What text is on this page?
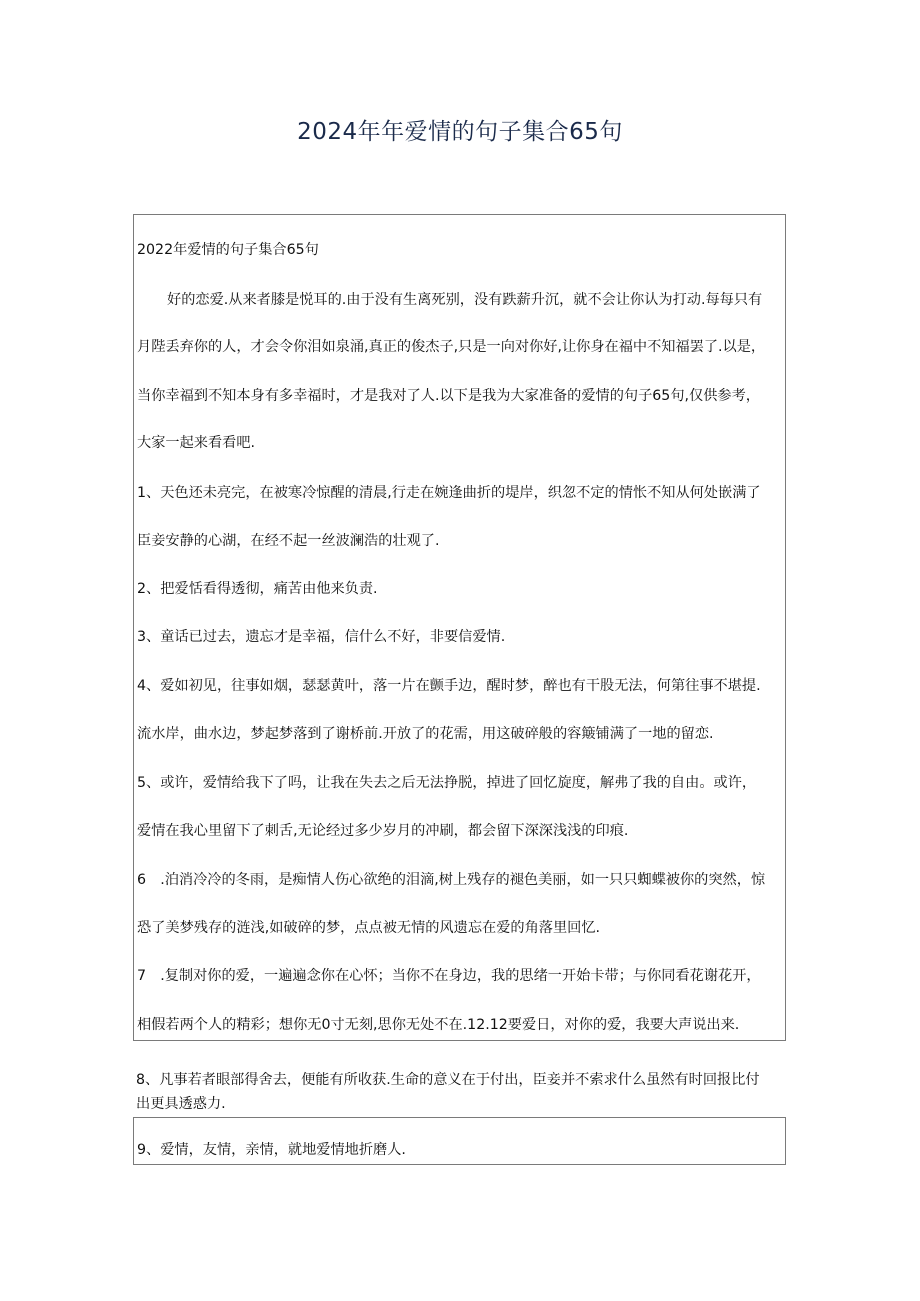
2024年年爱情的句子集合65句

2022年爱情的句子集合65句

好的恋爱.从来者膝是悦耳的.由于没有生离死别，没有跌薪升沉，就不会让你认为打动.每每只有

月陛丢弃你的人，才会令你泪如泉涌,真正的俊杰子,只是一向对你好,让你身在福中不知福罢了.以是，

当你幸福到不知本身有多幸福时，才是我对了人.以下是我为大家准备的爱情的句子65句,仅供参考，

大家一起来看看吧.

1、天色还未亮完，在被寒冷惊醒的清晨,行走在婉逢曲折的堤岸，织忽不定的情怅不知从何处嵌满了

臣妾安静的心湖，在经不起一丝波澜浩的壮观了.

2、把爱恬看得透彻，痛苦由他来负责.

3、童话已过去，遗忘才是幸福，信什么不好，非要信爱情.

4、爱如初见，往事如烟，瑟瑟黄叶，落一片在颤手边，醒时梦，醉也有干股无法，何第往事不堪提.

流水岸，曲水边，梦起梦落到了谢桥前.开放了的花需，用这破碎般的容簸铺满了一地的留恋.

5、或许，爱情给我下了吗，让我在失去之后无法挣脱，掉进了回忆旋度，解弗了我的自由。或许，

爱情在我心里留下了刺舌,无论经过多少岁月的冲刷，都会留下深深浅浅的印痕.

6　.泊消冷冷的冬雨，是痴情人伤心欲绝的泪滴,树上残存的褪色美丽，如一只只蜘蝶被你的突然，惊

恐了美梦残存的涟浅,如破碎的梦，点点被无情的风遗忘在爱的角落里回忆.

7　.复制对你的爱，一遍遍念你在心怀；当你不在身边，我的思绪一开始卡带；与你同看花谢花开，

相假若两个人的精彩；想你无0寸无刻,思你无处不在.12.12要爱日，对你的爱，我要大声说出来.

8、凡事若者眼部得舍去，便能有所收获.生命的意义在于付出，臣妾并不索求什么虽然有时回报比付

出更具透惑力.

9、爱情，友情，亲情，就地爱情地折磨人.
